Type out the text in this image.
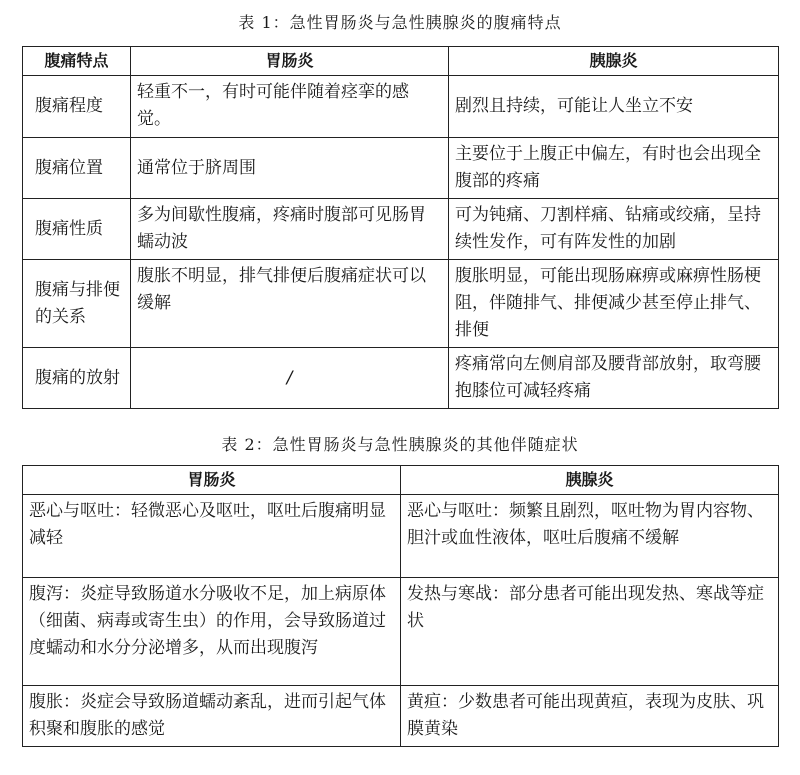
表 1：急性胃肠炎与急性胰腺炎的腹痛特点
腹痛特点	胃肠炎	胰腺炎
腹痛程度	轻重不一，有时可能伴随着痉挛的感觉。	剧烈且持续，可能让人坐立不安
腹痛位置	通常位于脐周围	主要位于上腹正中偏左，有时也会出现全腹部的疼痛
腹痛性质	多为间歇性腹痛，疼痛时腹部可见肠胃蠕动波	可为钝痛、刀割样痛、钻痛或绞痛，呈持续性发作，可有阵发性的加剧
腹痛与排便的关系	腹胀不明显，排气排便后腹痛症状可以缓解	腹胀明显，可能出现肠麻痹或麻痹性肠梗阻，伴随排气、排便减少甚至停止排气、排便
腹痛的放射	/	疼痛常向左侧肩部及腰背部放射，取弯腰抱膝位可减轻疼痛
表 2：急性胃肠炎与急性胰腺炎的其他伴随症状
胃肠炎	胰腺炎
恶心与呕吐：轻微恶心及呕吐，呕吐后腹痛明显减轻	恶心与呕吐：频繁且剧烈，呕吐物为胃内容物、胆汁或血性液体，呕吐后腹痛不缓解
腹泻：炎症导致肠道水分吸收不足，加上病原体（细菌、病毒或寄生虫）的作用，会导致肠道过度蠕动和水分分泌增多，从而出现腹泻	发热与寒战：部分患者可能出现发热、寒战等症状
腹胀：炎症会导致肠道蠕动紊乱，进而引起气体积聚和腹胀的感觉	黄疸：少数患者可能出现黄疸，表现为皮肤、巩膜黄染
